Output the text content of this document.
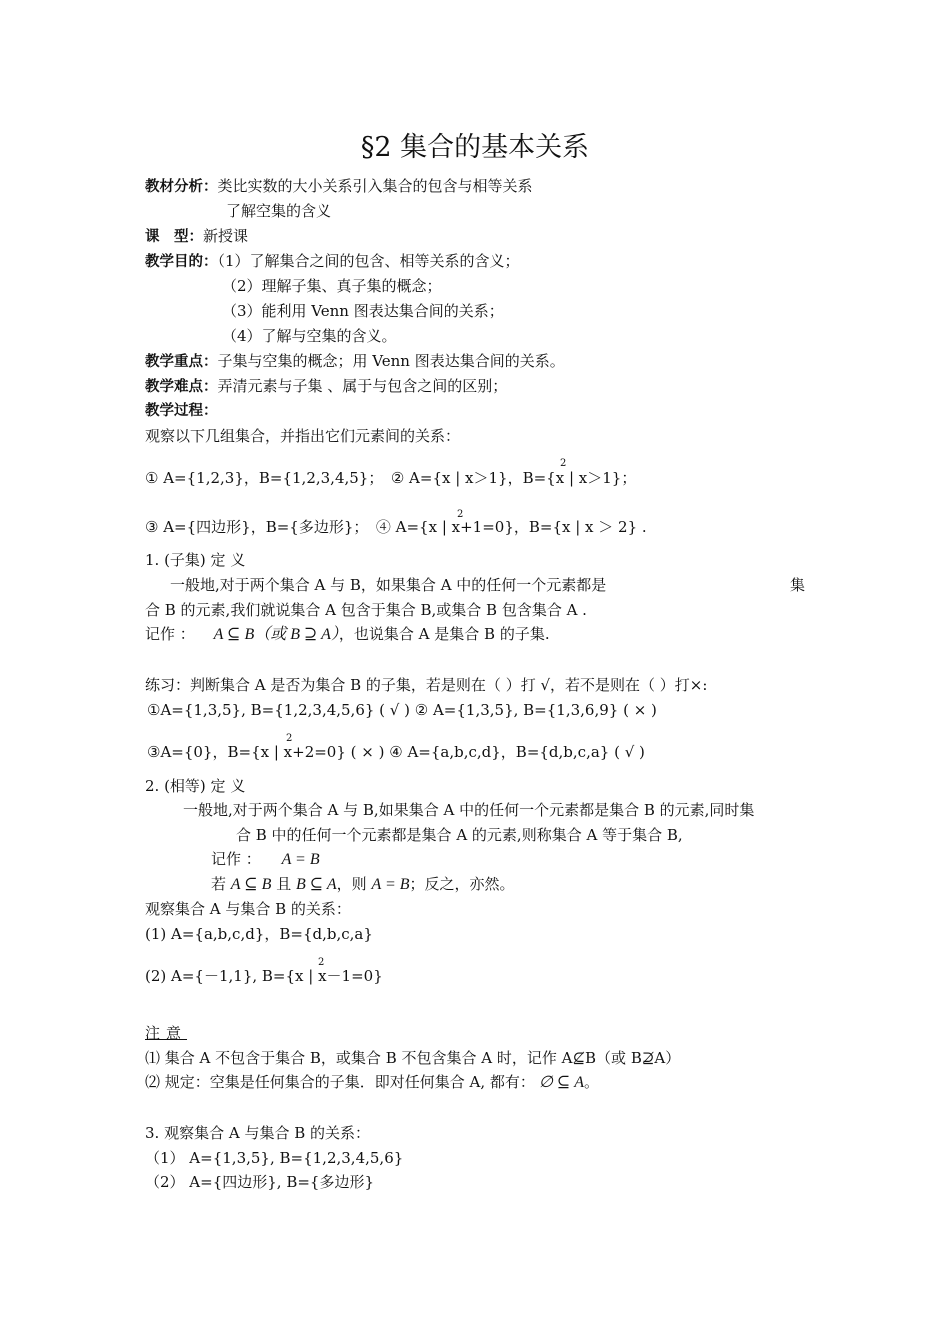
§2 集合的基本关系
教材分析：类比实数的大小关系引入集合的包含与相等关系
了解空集的含义
课　型：新授课
教学目的：（1）了解集合之间的包含、相等关系的含义；
（2）理解子集、真子集的概念；
（3）能利用 Venn 图表达集合间的关系；
（4）了解与空集的含义。
教学重点：子集与空集的概念；用 Venn 图表达集合间的关系。
教学难点：弄清元素与子集 、属于与包含之间的区别；
教学过程：
观察以下几组集合，并指出它们元素间的关系：
① A={1,2,3}，B={1,2,3,4,5}；　② A={x | x＞1}，B={x | x＞1}；
2
③ A={四边形}，B={多边形}；　④ A={x | x+1=0}，B={x | x ＞ 2} .
2
1. (子集) 定 义
一般地,对于两个集合 A 与 B，如果集合 A 中的任何一个元素都是	集
合 B 的元素,我们就说集合 A 包含于集合 B,或集合 B 包含集合 A .
记作 ： A ⊆ B（或 B ⊇ A），也说集合 A 是集合 B 的子集.
练习：判断集合 A 是否为集合 B 的子集，若是则在（ ）打 √，若不是则在（ ）打×:
①A={1,3,5}, B={1,2,3,4,5,6} ( √ ) ② A={1,3,5}, B={1,3,6,9} ( × )
③A={0}，B={x | x+2=0} ( × ) ④ A={a,b,c,d}，B={d,b,c,a} ( √ )
2
2. (相等) 定 义
一般地,对于两个集合 A 与 B,如果集合 A 中的任何一个元素都是集合 B 的元素,同时集
合 B 中的任何一个元素都是集合 A 的元素,则称集合 A 等于集合 B,
记作 ： A = B
若 A ⊆ B 且 B ⊆ A，则 A = B；反之，亦然。
观察集合 A 与集合 B 的关系：
(1) A={a,b,c,d}，B={d,b,c,a}
(2) A={－1,1}, B={x | x－1=0}
2
注意
⑴ 集合 A 不包含于集合 B，或集合 B 不包含集合 A 时，记作 A⊈B（或 B⊉A）
⑵ 规定：空集是任何集合的子集．即对任何集合 A, 都有： ∅ ⊆ A。
3. 观察集合 A 与集合 B 的关系：
（1） A={1,3,5}, B={1,2,3,4,5,6}
（2） A={四边形}, B={多边形}
